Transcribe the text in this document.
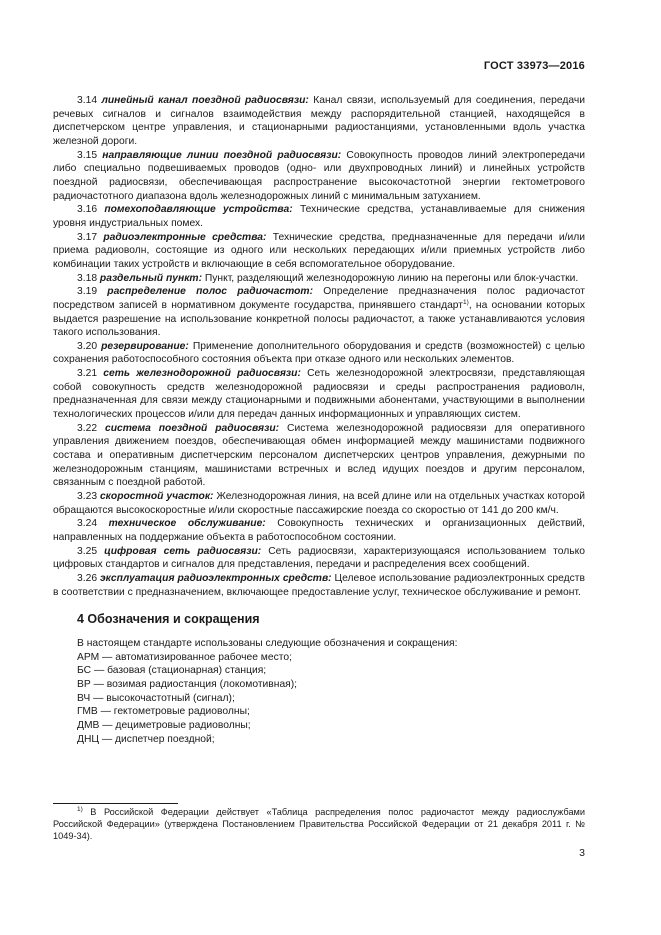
ГОСТ 33973—2016

3.14 линейный канал поездной радиосвязи: Канал связи, используемый для соединения, передачи речевых сигналов и сигналов взаимодействия между распорядительной станцией, находящейся в диспетчерском центре управления, и стационарными радиостанциями, установленными вдоль участка железной дороги.

3.15 направляющие линии поездной радиосвязи: Совокупность проводов линий электропередачи либо специально подвешиваемых проводов (одно- или двухпроводных линий) и линейных устройств поездной радиосвязи, обеспечивающая распространение высокочастотной энергии гектометрового радиочастотного диапазона вдоль железнодорожных линий с минимальным затуханием.

3.16 помехоподавляющие устройства: Технические средства, устанавливаемые для снижения уровня индустриальных помех.

3.17 радиоэлектронные средства: Технические средства, предназначенные для передачи и/или приема радиоволн, состоящие из одного или нескольких передающих и/или приемных устройств либо комбинации таких устройств и включающие в себя вспомогательное оборудование.

3.18 раздельный пункт: Пункт, разделяющий железнодорожную линию на перегоны или блок-участки.

3.19 распределение полос радиочастот: Определение предназначения полос радиочастот посредством записей в нормативном документе государства, принявшего стандарт$^{1)}$, на основании которых выдается разрешение на использование конкретной полосы радиочастот, а также устанавливаются условия такого использования.

3.20 резервирование: Применение дополнительного оборудования и средств (возможностей) с целью сохранения работоспособного состояния объекта при отказе одного или нескольких элементов.

3.21 сеть железнодорожной радиосвязи: Сеть железнодорожной электросвязи, представляющая собой совокупность средств железнодорожной радиосвязи и среды распространения радиоволн, предназначенная для связи между стационарными и подвижными абонентами, участвующими в выполнении технологических процессов и/или для передач данных информационных и управляющих систем.

3.22 система поездной радиосвязи: Система железнодорожной радиосвязи для оперативного управления движением поездов, обеспечивающая обмен информацией между машинистами подвижного состава и оперативным диспетчерским персоналом диспетчерских центров управления, дежурными по железнодорожным станциям, машинистами встречных и вслед идущих поездов и другим персоналом, связанным с поездной работой.

3.23 скоростной участок: Железнодорожная линия, на всей длине или на отдельных участках которой обращаются высокоскоростные и/или скоростные пассажирские поезда со скоростью от 141 до 200 км/ч.

3.24 техническое обслуживание: Совокупность технических и организационных действий, направленных на поддержание объекта в работоспособном состоянии.

3.25 цифровая сеть радиосвязи: Сеть радиосвязи, характеризующаяся использованием только цифровых стандартов и сигналов для представления, передачи и распределения всех сообщений.

3.26 эксплуатация радиоэлектронных средств: Целевое использование радиоэлектронных средств в соответствии с предназначением, включающее предоставление услуг, техническое обслуживание и ремонт.

4 Обозначения и сокращения

В настоящем стандарте использованы следующие обозначения и сокращения:

АРМ — автоматизированное рабочее место;
БС — базовая (стационарная) станция;
ВР — возимая радиостанция (локомотивная);
ВЧ — высокочастотный (сигнал);
ГМВ — гектометровые радиоволны;
ДМВ — дециметровые радиоволны;
ДНЦ — диспетчер поездной;

$^{1)}$ В Российской Федерации действует «Таблица распределения полос радиочастот между радиослужбами Российской Федерации» (утверждена Постановлением Правительства Российской Федерации от 21 декабря 2011 г. № 1049-34).

3
